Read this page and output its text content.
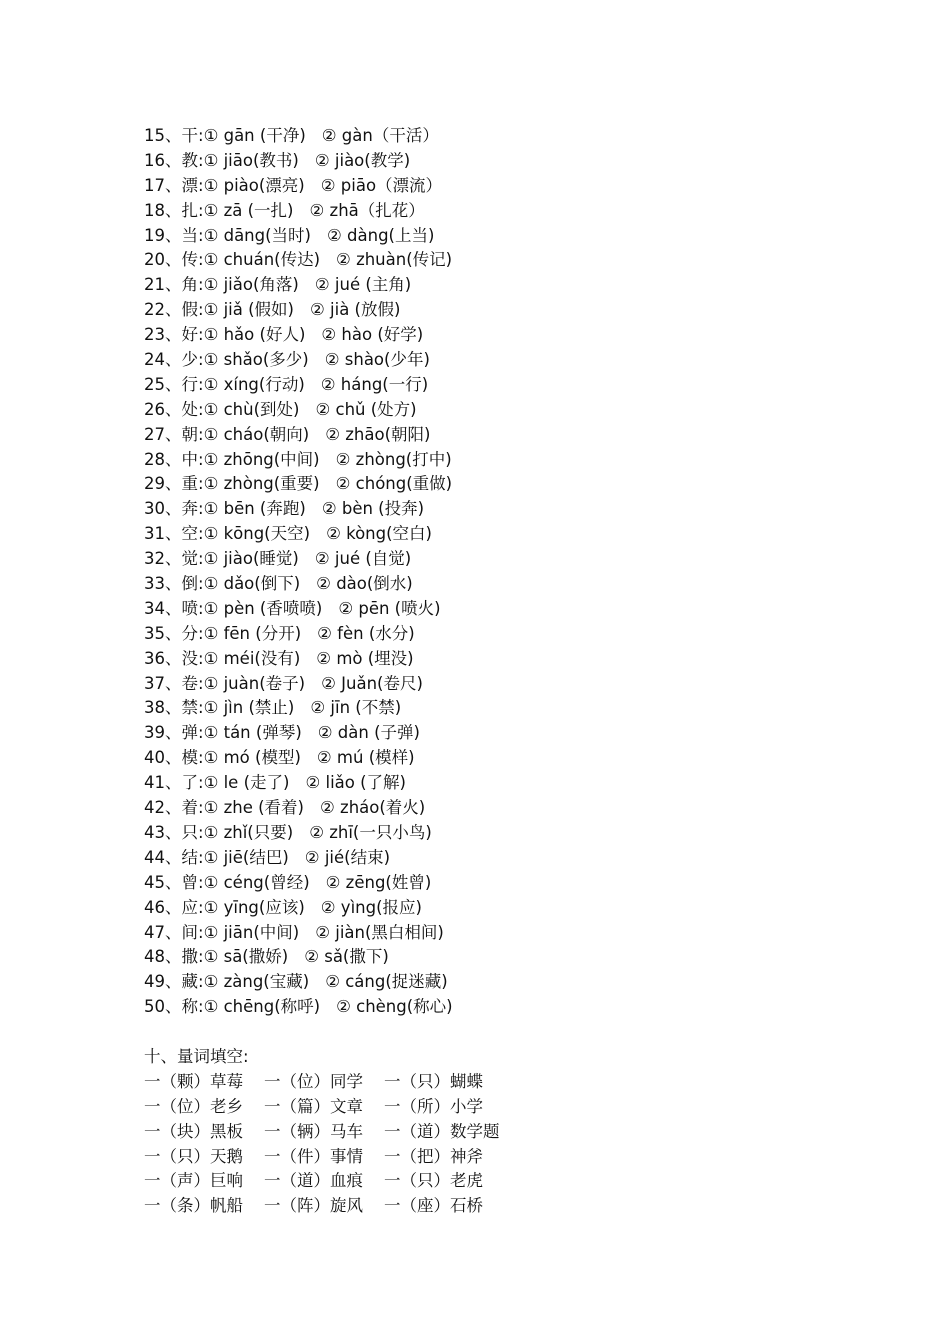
15、干:① gān (干净) ② gàn（干活）
16、教:① jiāo(教书) ② jiào(教学)
17、漂:① piào(漂亮) ② piāo（漂流）
18、扎:① zā (一扎) ② zhā（扎花）
19、当:① dāng(当时) ② dàng(上当)
20、传:① chuán(传达) ② zhuàn(传记)
21、角:① jiǎo(角落) ② jué (主角)
22、假:① jiǎ (假如) ② jià (放假)
23、好:① hǎo (好人) ② hào (好学)
24、少:① shǎo(多少) ② shào(少年)
25、行:① xíng(行动) ② háng(一行)
26、处:① chù(到处) ② chǔ (处方)
27、朝:① cháo(朝向) ② zhāo(朝阳)
28、中:① zhōng(中间) ② zhòng(打中)
29、重:① zhòng(重要) ② chóng(重做)
30、奔:① bēn (奔跑) ② bèn (投奔)
31、空:① kōng(天空) ② kòng(空白)
32、觉:① jiào(睡觉) ② jué (自觉)
33、倒:① dǎo(倒下) ② dào(倒水)
34、喷:① pèn (香喷喷) ② pēn (喷火)
35、分:① fēn (分开) ② fèn (水分)
36、没:① méi(没有) ② mò (埋没)
37、卷:① juàn(卷子) ② Juǎn(卷尺)
38、禁:① jìn (禁止) ② jīn (不禁)
39、弹:① tán (弹琴) ② dàn (子弹)
40、模:① mó (模型) ② mú (模样)
41、了:① le (走了) ② liǎo (了解)
42、着:① zhe (看着) ② zháo(着火)
43、只:① zhǐ(只要) ② zhī(一只小鸟)
44、结:① jiē(结巴) ② jié(结束)
45、曾:① céng(曾经) ② zēng(姓曾)
46、应:① yīng(应该) ② yìng(报应)
47、间:① jiān(中间) ② jiàn(黑白相间)
48、撒:① sā(撒娇) ② sǎ(撒下)
49、藏:① zàng(宝藏) ② cáng(捉迷藏)
50、称:① chēng(称呼) ② chèng(称心)
十、量词填空:
一（颗）草莓 一（位）同学 一（只）蝴蝶
一（位）老乡 一（篇）文章 一（所）小学
一（块）黑板 一（辆）马车 一（道）数学题
一（只）天鹅 一（件）事情 一（把）神斧
一（声）巨响 一（道）血痕 一（只）老虎
一（条）帆船 一（阵）旋风 一（座）石桥
